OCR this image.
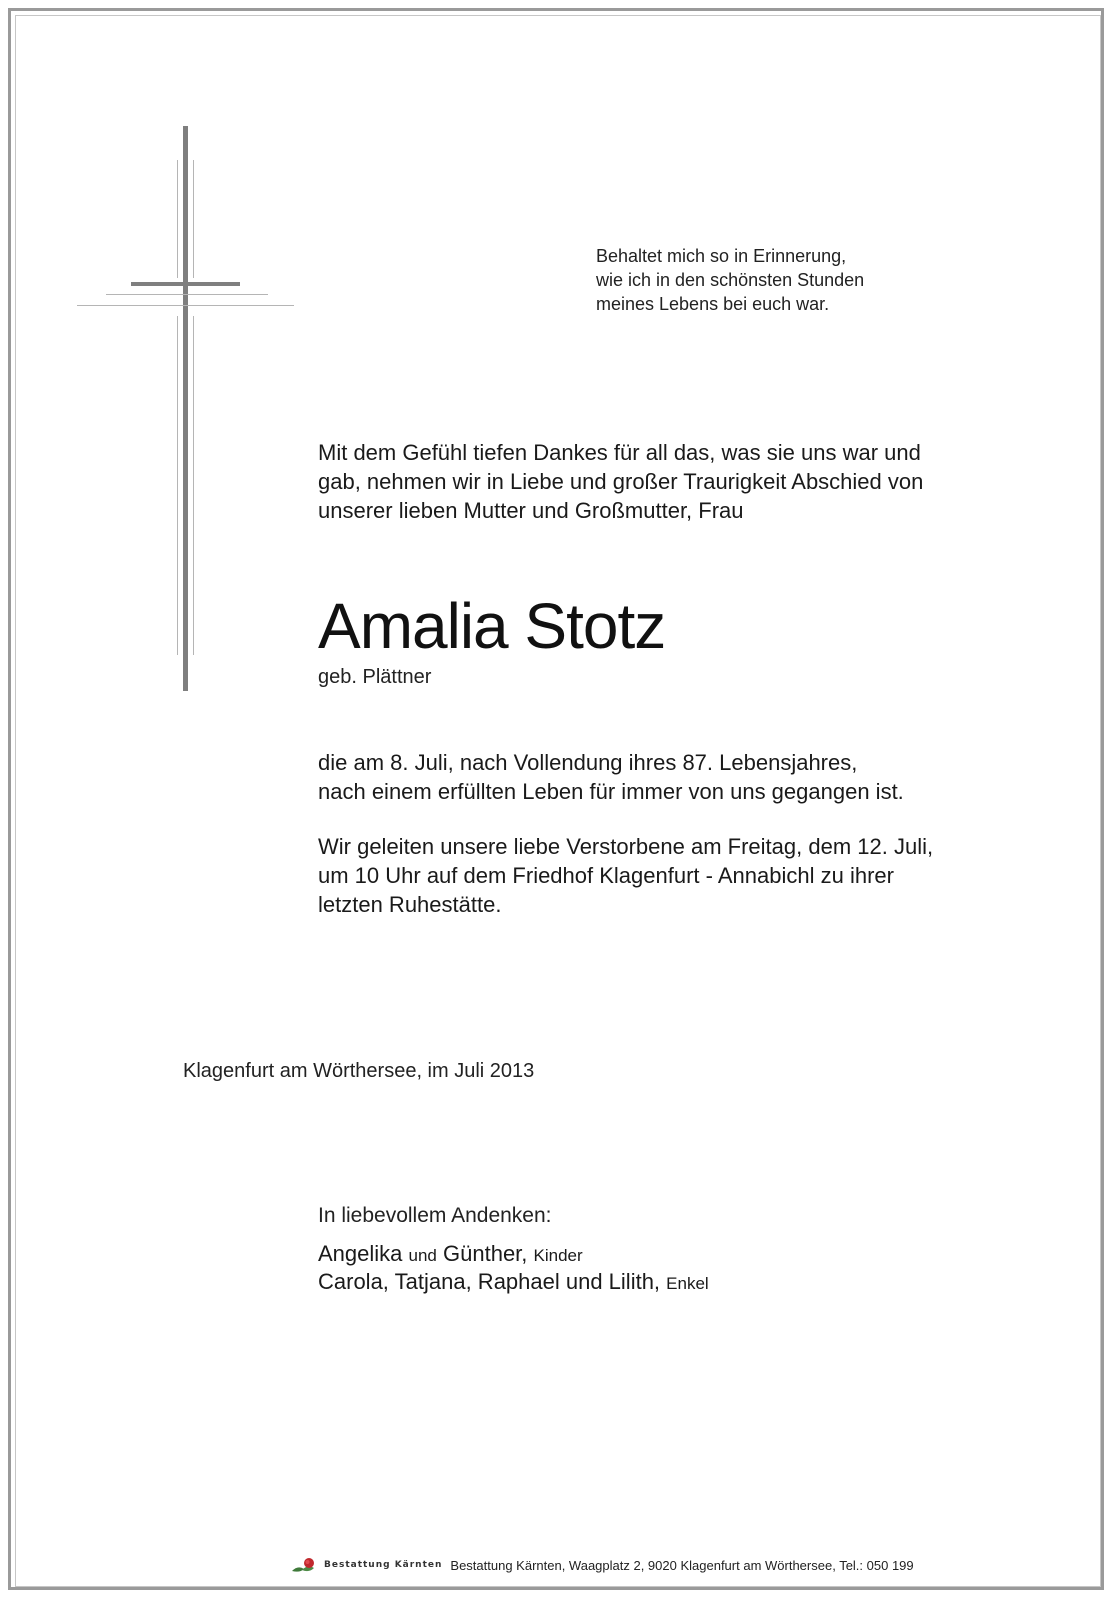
Behaltet mich so in Erinnerung,
wie ich in den schönsten Stunden
meines Lebens bei euch war.
Mit dem Gefühl tiefen Dankes für all das, was sie uns war und
gab, nehmen wir in Liebe und großer Traurigkeit Abschied von
unserer lieben Mutter und Großmutter, Frau
Amalia Stotz
geb. Plättner
die am 8. Juli, nach Vollendung ihres 87. Lebensjahres,
nach einem erfüllten Leben für immer von uns gegangen ist.
Wir geleiten unsere liebe Verstorbene am Freitag, dem 12. Juli,
um 10 Uhr auf dem Friedhof Klagenfurt - Annabichl zu ihrer
letzten Ruhestätte.
Klagenfurt am Wörthersee, im Juli 2013
In liebevollem Andenken:
Angelika und Günther, Kinder
Carola, Tatjana, Raphael und Lilith, Enkel
Bestattung Kärnten Bestattung Kärnten, Waagplatz 2, 9020 Klagenfurt am Wörthersee, Tel.: 050 199
